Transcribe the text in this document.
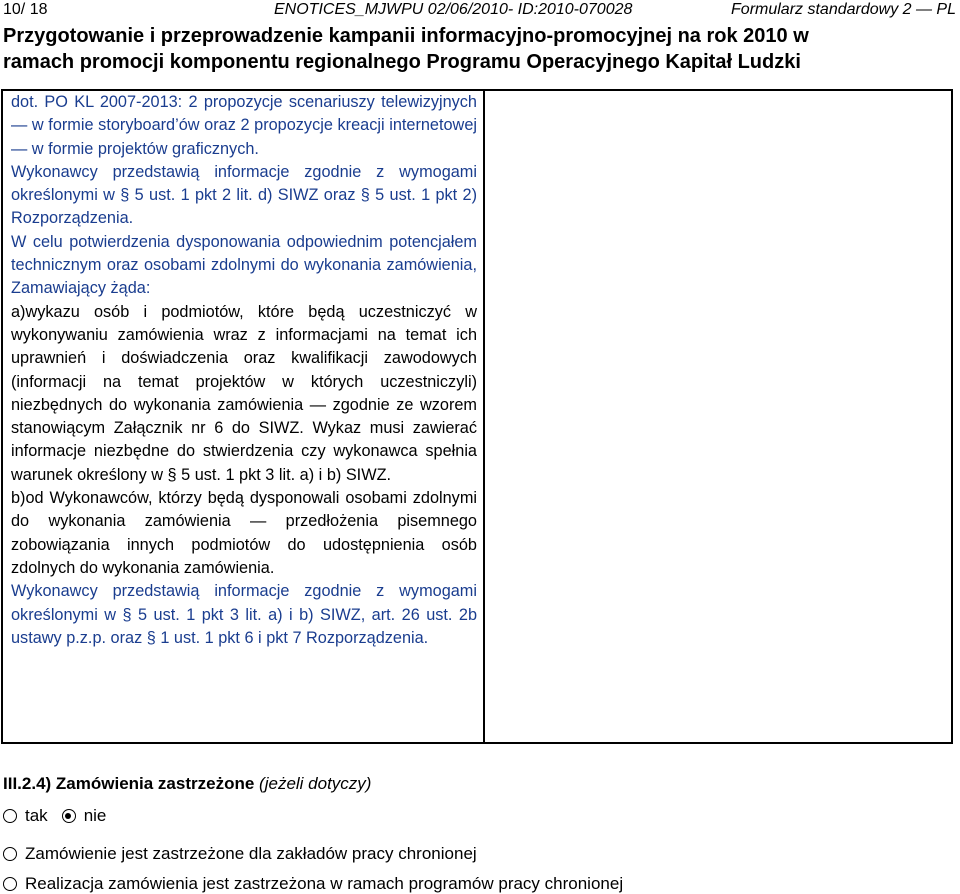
10/ 18	ENOTICES_MJWPU 02/06/2010- ID:2010-070028	Formularz standardowy 2 — PL
Przygotowanie i przeprowadzenie kampanii informacyjno-promocyjnej na rok 2010 w
ramach promocji komponentu regionalnego Programu Operacyjnego Kapitał Ludzki

dot. PO KL 2007-2013: 2 propozycje scenariuszy telewizyjnych — w formie storyboard’ów oraz 2 propozycje kreacji internetowej — w formie projektów graficznych.

Wykonawcy przedstawią informacje zgodnie z wymogami określonymi w § 5 ust. 1 pkt 2 lit. d) SIWZ oraz § 5 ust. 1 pkt 2) Rozporządzenia.

W celu potwierdzenia dysponowania odpowiednim potencjałem technicznym oraz osobami zdolnymi do wykonania zamówienia, Zamawiający żąda:

a)wykazu osób i podmiotów, które będą uczestniczyć w wykonywaniu zamówienia wraz z informacjami na temat ich uprawnień i doświadczenia oraz kwalifikacji zawodowych (informacji na temat projektów w których uczestniczyli) niezbędnych do wykonania zamówienia — zgodnie ze wzorem stanowiącym Załącznik nr 6 do SIWZ. Wykaz musi zawierać informacje niezbędne do stwierdzenia czy wykonawca spełnia warunek określony w § 5 ust. 1 pkt 3 lit. a) i b) SIWZ.

b)od Wykonawców, którzy będą dysponowali osobami zdolnymi do wykonania zamówienia — przedłożenia pisemnego zobowiązania innych podmiotów do udostępnienia osób zdolnych do wykonania zamówienia.

Wykonawcy przedstawią informacje zgodnie z wymogami określonymi w § 5 ust. 1 pkt 3 lit. a) i b) SIWZ, art. 26 ust. 2b ustawy p.z.p. oraz § 1 ust. 1 pkt 6 i pkt 7 Rozporządzenia.

III.2.4) Zamówienia zastrzeżone (jeżeli dotyczy)
tak nie
Zamówienie jest zastrzeżone dla zakładów pracy chronionej
Realizacja zamówienia jest zastrzeżona w ramach programów pracy chronionej
